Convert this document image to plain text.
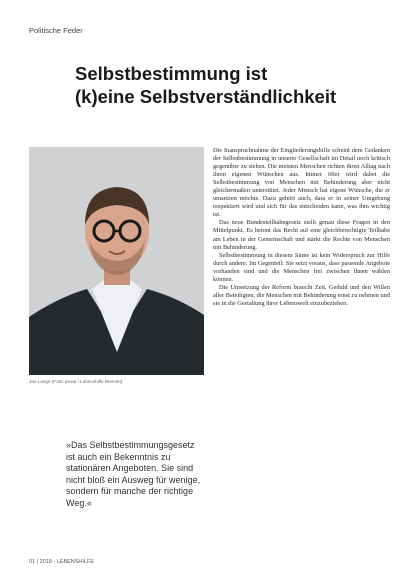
Politische Feder
Selbstbestimmung ist
(k)eine Selbstverständlichkeit
Jan Lange (Foto: privat / Lebenshilfe Bremen)
»Das Selbstbestimmungsgesetz ist auch ein Bekenntnis zu stationären Angeboten. Sie sind nicht bloß ein Ausweg für wenige, sondern für manche der richtige Weg.«

Die Inanspruchnahme der Eingliederungshilfe scheint dem Gedanken der Selbstbestimmung in unserer Gesellschaft im Detail noch kritisch gegenüber zu stehen. Die meisten Menschen richten ihren Alltag nach ihren eigenen Wünschen aus. Immer öfter wird dabei die Selbstbestimmung von Menschen mit Behinderung aber nicht gleichermaßen unterstützt. Jeder Mensch hat eigene Wünsche, die er umsetzen möchte. Dazu gehört auch, dass er in seiner Umgebung respektiert wird und sich für das entscheiden kann, was ihm wichtig ist.

Das neue Bundesteilhabegesetz stellt genau diese Fragen in den Mittelpunkt. Es betont das Recht auf eine gleichberechtigte Teilhabe am Leben in der Gemeinschaft und stärkt die Rechte von Menschen mit Behinderung.

Selbstbestimmung in diesem Sinne ist kein Widerspruch zur Hilfe durch andere. Im Gegenteil: Sie setzt voraus, dass passende Angebote vorhanden sind und die Menschen frei zwischen ihnen wählen können.

Die Umsetzung der Reform braucht Zeit, Geduld und den Willen aller Beteiligten, die Menschen mit Behinderung ernst zu nehmen und sie in die Gestaltung ihrer Lebenswelt einzubeziehen.

01 | 2018 · LEBENSHILFE
